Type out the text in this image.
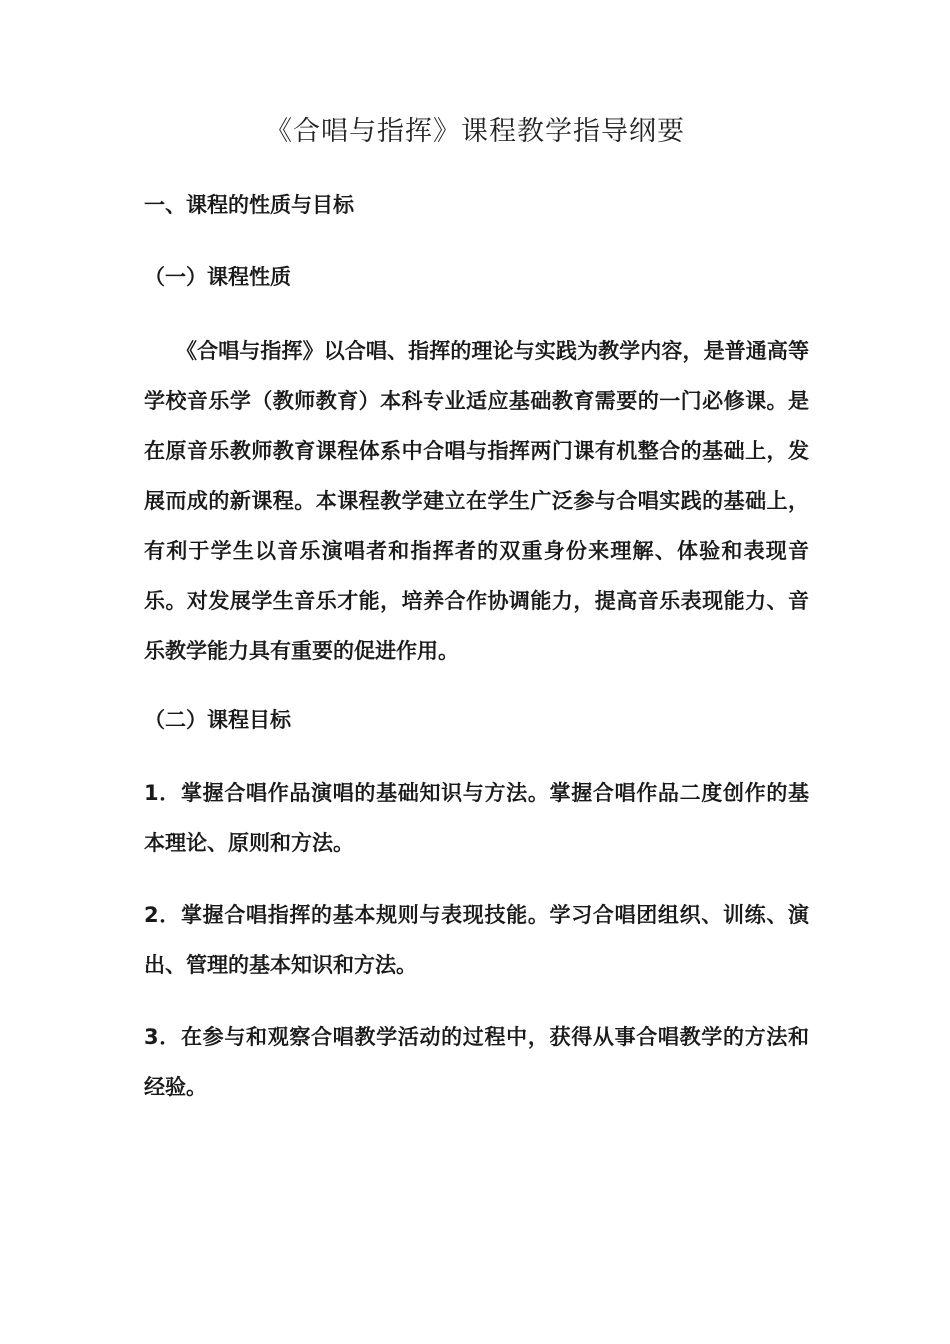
《合唱与指挥》课程教学指导纲要
一、课程的性质与目标
（一）课程性质

《合唱与指挥》以合唱、指挥的理论与实践为教学内容，是普通高等学校音乐学（教师教育）本科专业适应基础教育需要的一门必修课。是在原音乐教师教育课程体系中合唱与指挥两门课有机整合的基础上，发展而成的新课程。本课程教学建立在学生广泛参与合唱实践的基础上，有利于学生以音乐演唱者和指挥者的双重身份来理解、体验和表现音乐。对发展学生音乐才能，培养合作协调能力，提高音乐表现能力、音乐教学能力具有重要的促进作用。

（二）课程目标

1．掌握合唱作品演唱的基础知识与方法。掌握合唱作品二度创作的基本理论、原则和方法。

2．掌握合唱指挥的基本规则与表现技能。学习合唱团组织、训练、演出、管理的基本知识和方法。

3．在参与和观察合唱教学活动的过程中，获得从事合唱教学的方法和经验。
